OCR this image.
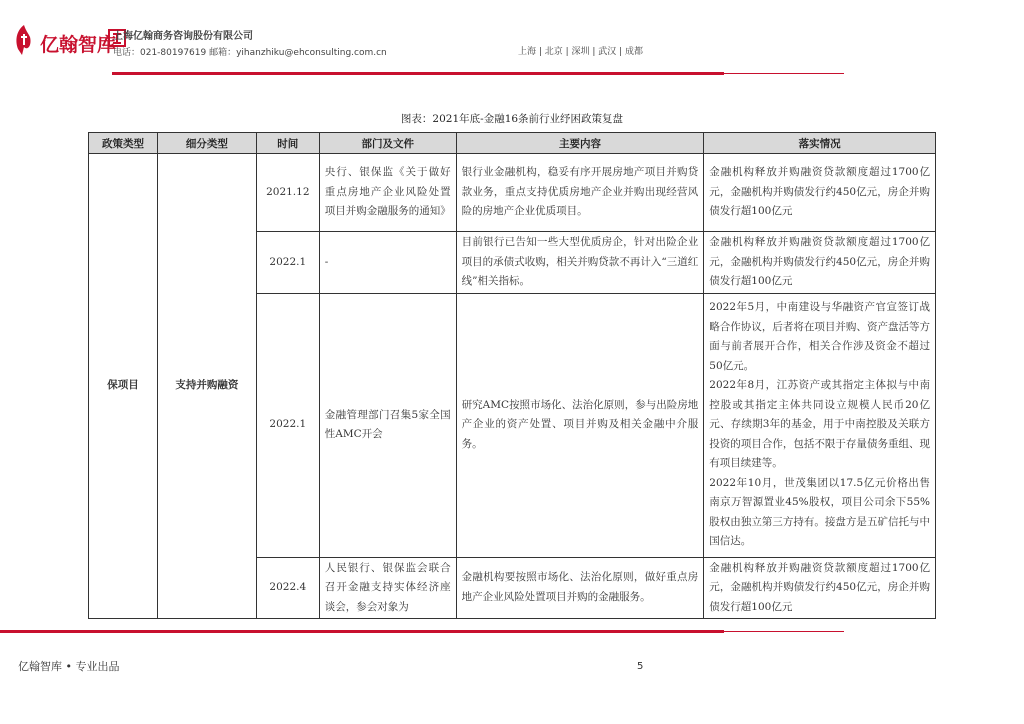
亿翰智库
上海亿翰商务咨询股份有限公司
电话：021-80197619 邮箱：yihanzhiku@ehconsulting.com.cn	上海 | 北京 | 深圳 | 武汉 | 成都
图表：2021年底-金融16条前行业纾困政策复盘
政策类型	细分类型	时间	部门及文件	主要内容	落实情况
保项目	支持并购融资	2021.12	央行、银保监《关于做好重点房地产企业风险处置项目并购金融服务的通知》	银行业金融机构，稳妥有序开展房地产项目并购贷款业务，重点支持优质房地产企业并购出现经营风险的房地产企业优质项目。	金融机构释放并购融资贷款额度超过1700亿元，金融机构并购债发行约450亿元，房企并购债发行超100亿元
		2022.1	-	目前银行已告知一些大型优质房企，针对出险企业项目的承债式收购，相关并购贷款不再计入“三道红线”相关指标。	金融机构释放并购融资贷款额度超过1700亿元，金融机构并购债发行约450亿元，房企并购债发行超100亿元
		2022.1	金融管理部门召集5家全国性AMC开会	研究AMC按照市场化、法治化原则，参与出险房地产企业的资产处置、项目并购及相关金融中介服务。	2022年5月，中南建设与华融资产官宣签订战略合作协议，后者将在项目并购、资产盘活等方面与前者展开合作，相关合作涉及资金不超过50亿元。
2022年8月，江苏资产或其指定主体拟与中南控股或其指定主体共同设立规模人民币20亿元、存续期3年的基金，用于中南控股及关联方投资的项目合作，包括不限于存量债务重组、现有项目续建等。
2022年10月，世茂集团以17.5亿元价格出售南京万智源置业45%股权，项目公司余下55%股权由独立第三方持有。接盘方是五矿信托与中国信达。

		2022.4	人民银行、银保监会联合召开金融支持实体经济座谈会，参会对象为	金融机构要按照市场化、法治化原则，做好重点房地产企业风险处置项目并购的金融服务。	金融机构释放并购融资贷款额度超过1700亿元，金融机构并购债发行约450亿元，房企并购债发行超100亿元
亿翰智库 • 专业出品	5
